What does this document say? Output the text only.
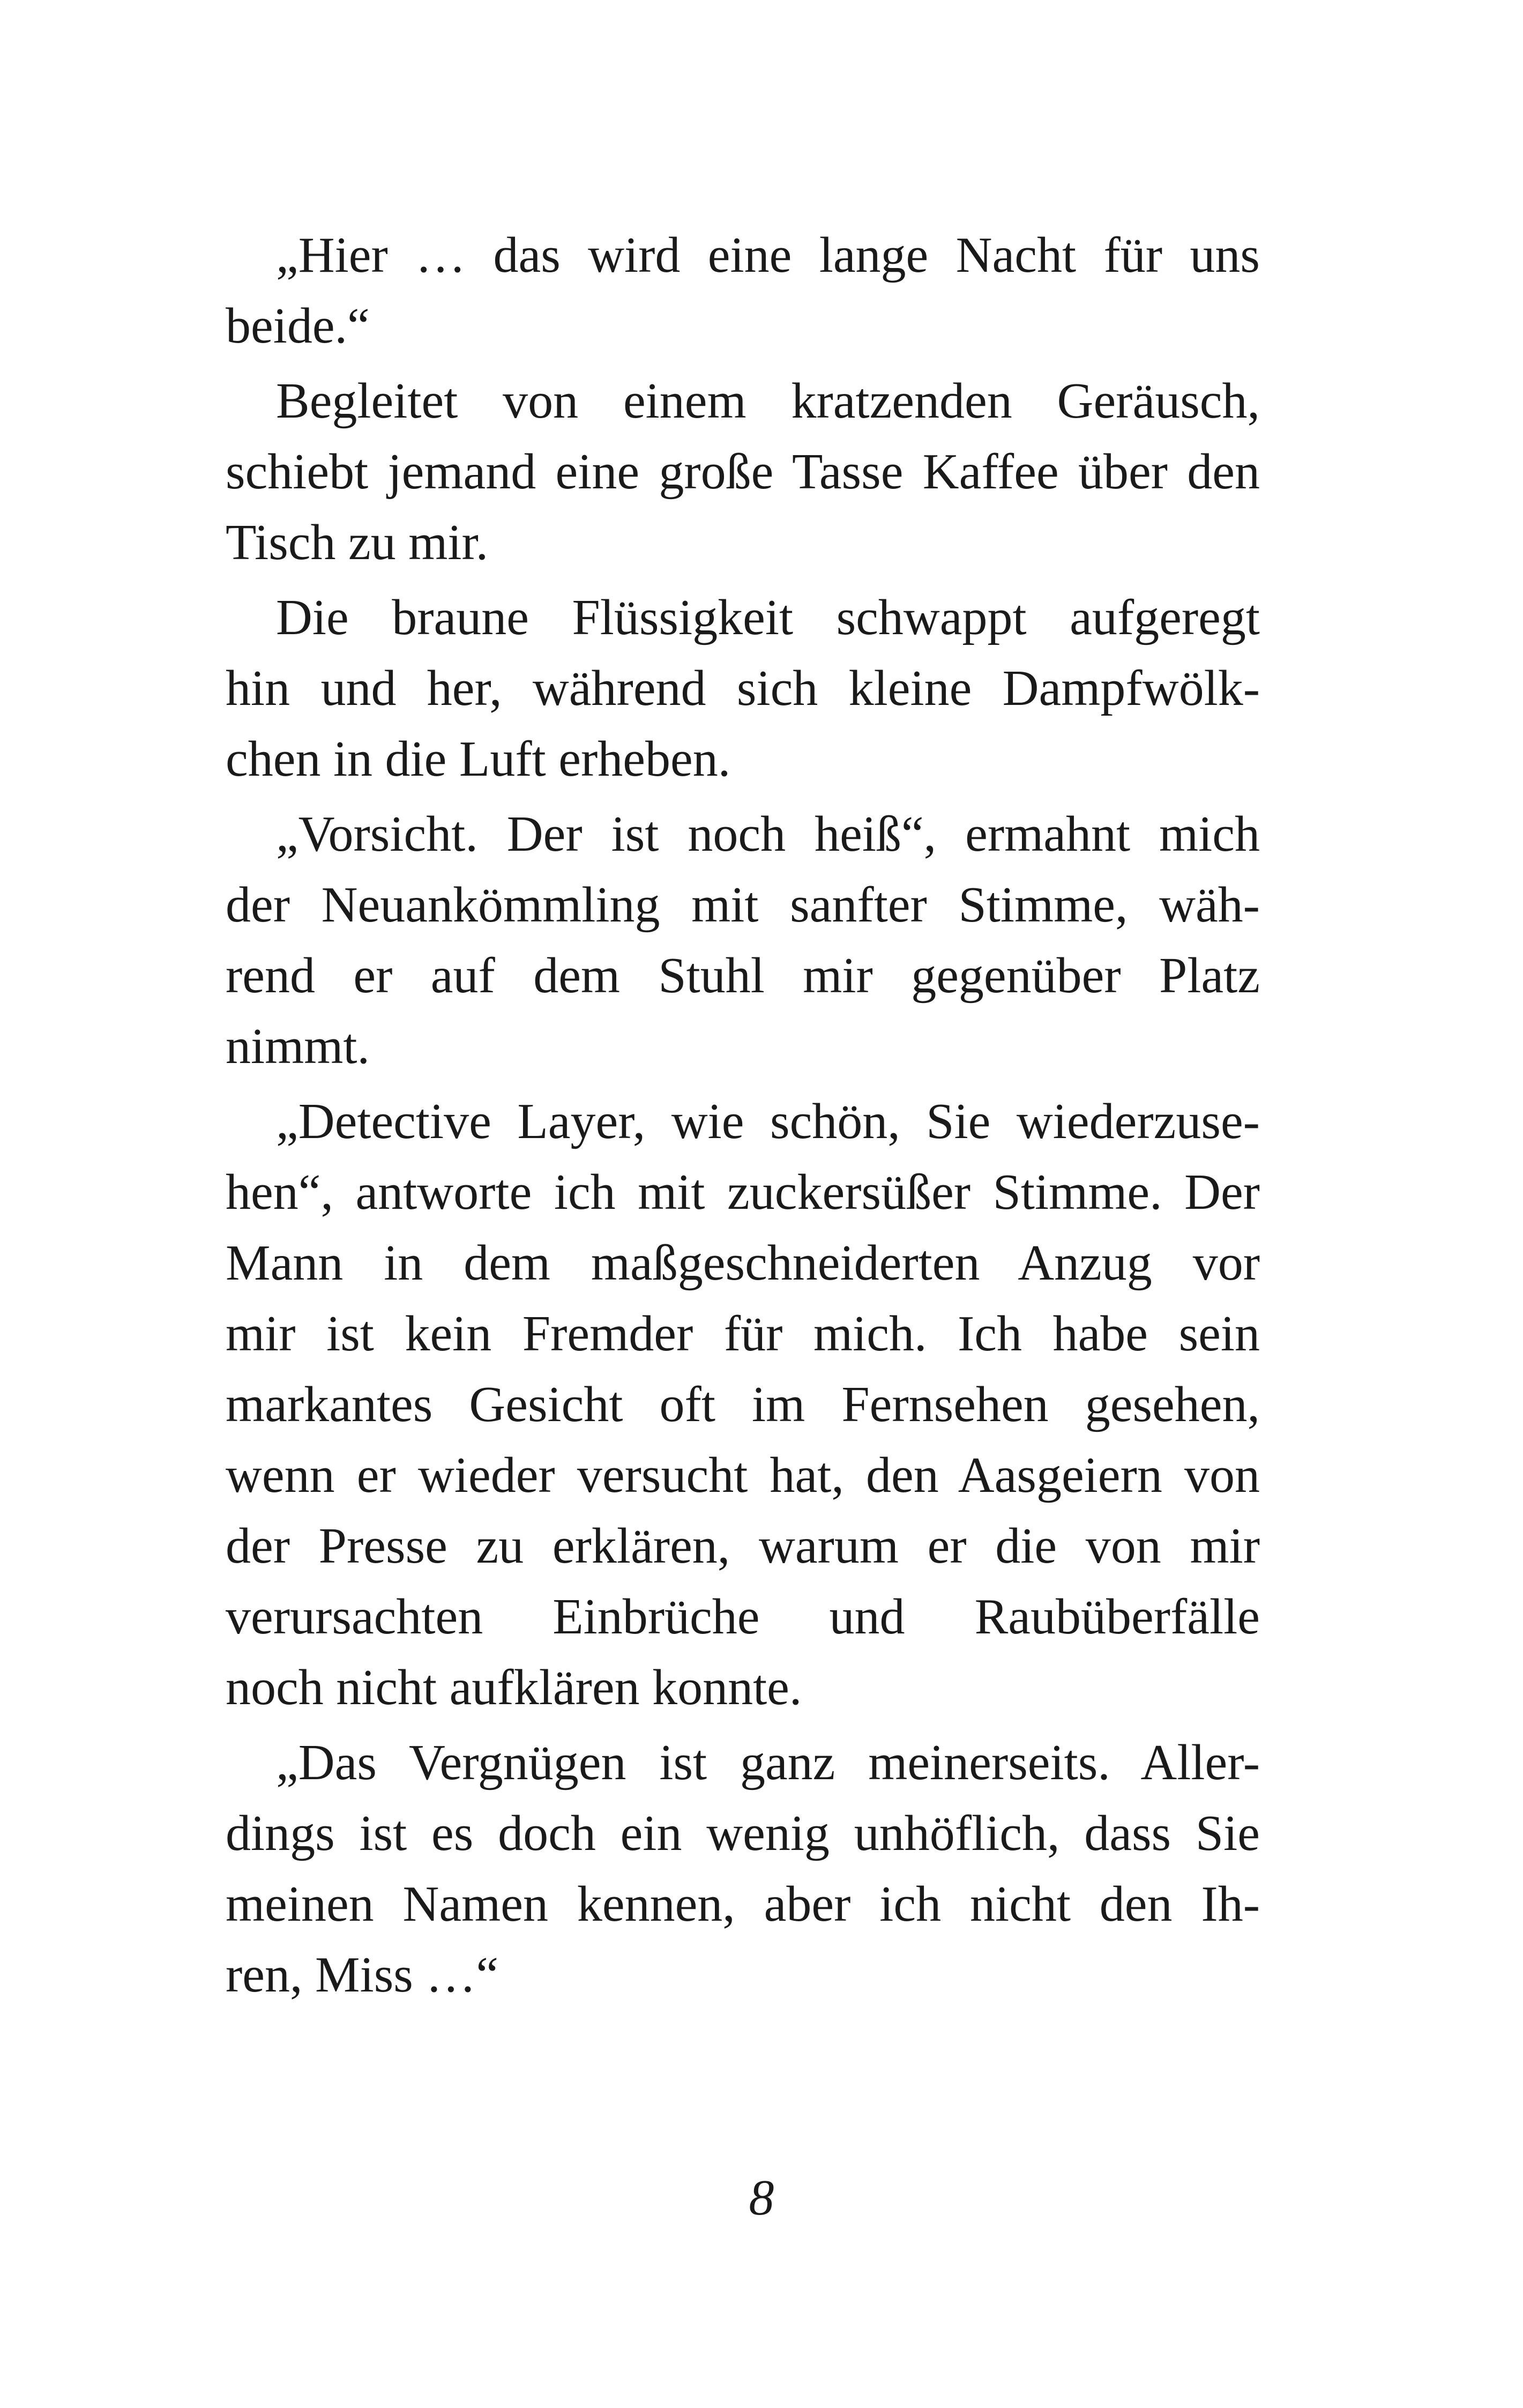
„Hier … das wird eine lange Nacht für uns
beide.“

Begleitet von einem kratzenden Geräusch,
schiebt jemand eine große Tasse Kaffee über den
Tisch zu mir.

Die braune Flüssigkeit schwappt aufgeregt
hin und her, während sich kleine Dampfwölk-
chen in die Luft erheben.

„Vorsicht. Der ist noch heiß“, ermahnt mich
der Neuankömmling mit sanfter Stimme, wäh-
rend er auf dem Stuhl mir gegenüber Platz
nimmt.

„Detective Layer, wie schön, Sie wiederzuse-
hen“, antworte ich mit zuckersüßer Stimme. Der
Mann in dem maßgeschneiderten Anzug vor
mir ist kein Fremder für mich. Ich habe sein
markantes Gesicht oft im Fernsehen gesehen,
wenn er wieder versucht hat, den Aasgeiern von
der Presse zu erklären, warum er die von mir
verursachten Einbrüche und Raubüberfälle
noch nicht aufklären konnte.

„Das Vergnügen ist ganz meinerseits. Aller-
dings ist es doch ein wenig unhöflich, dass Sie
meinen Namen kennen, aber ich nicht den Ih-
ren, Miss …“

8
